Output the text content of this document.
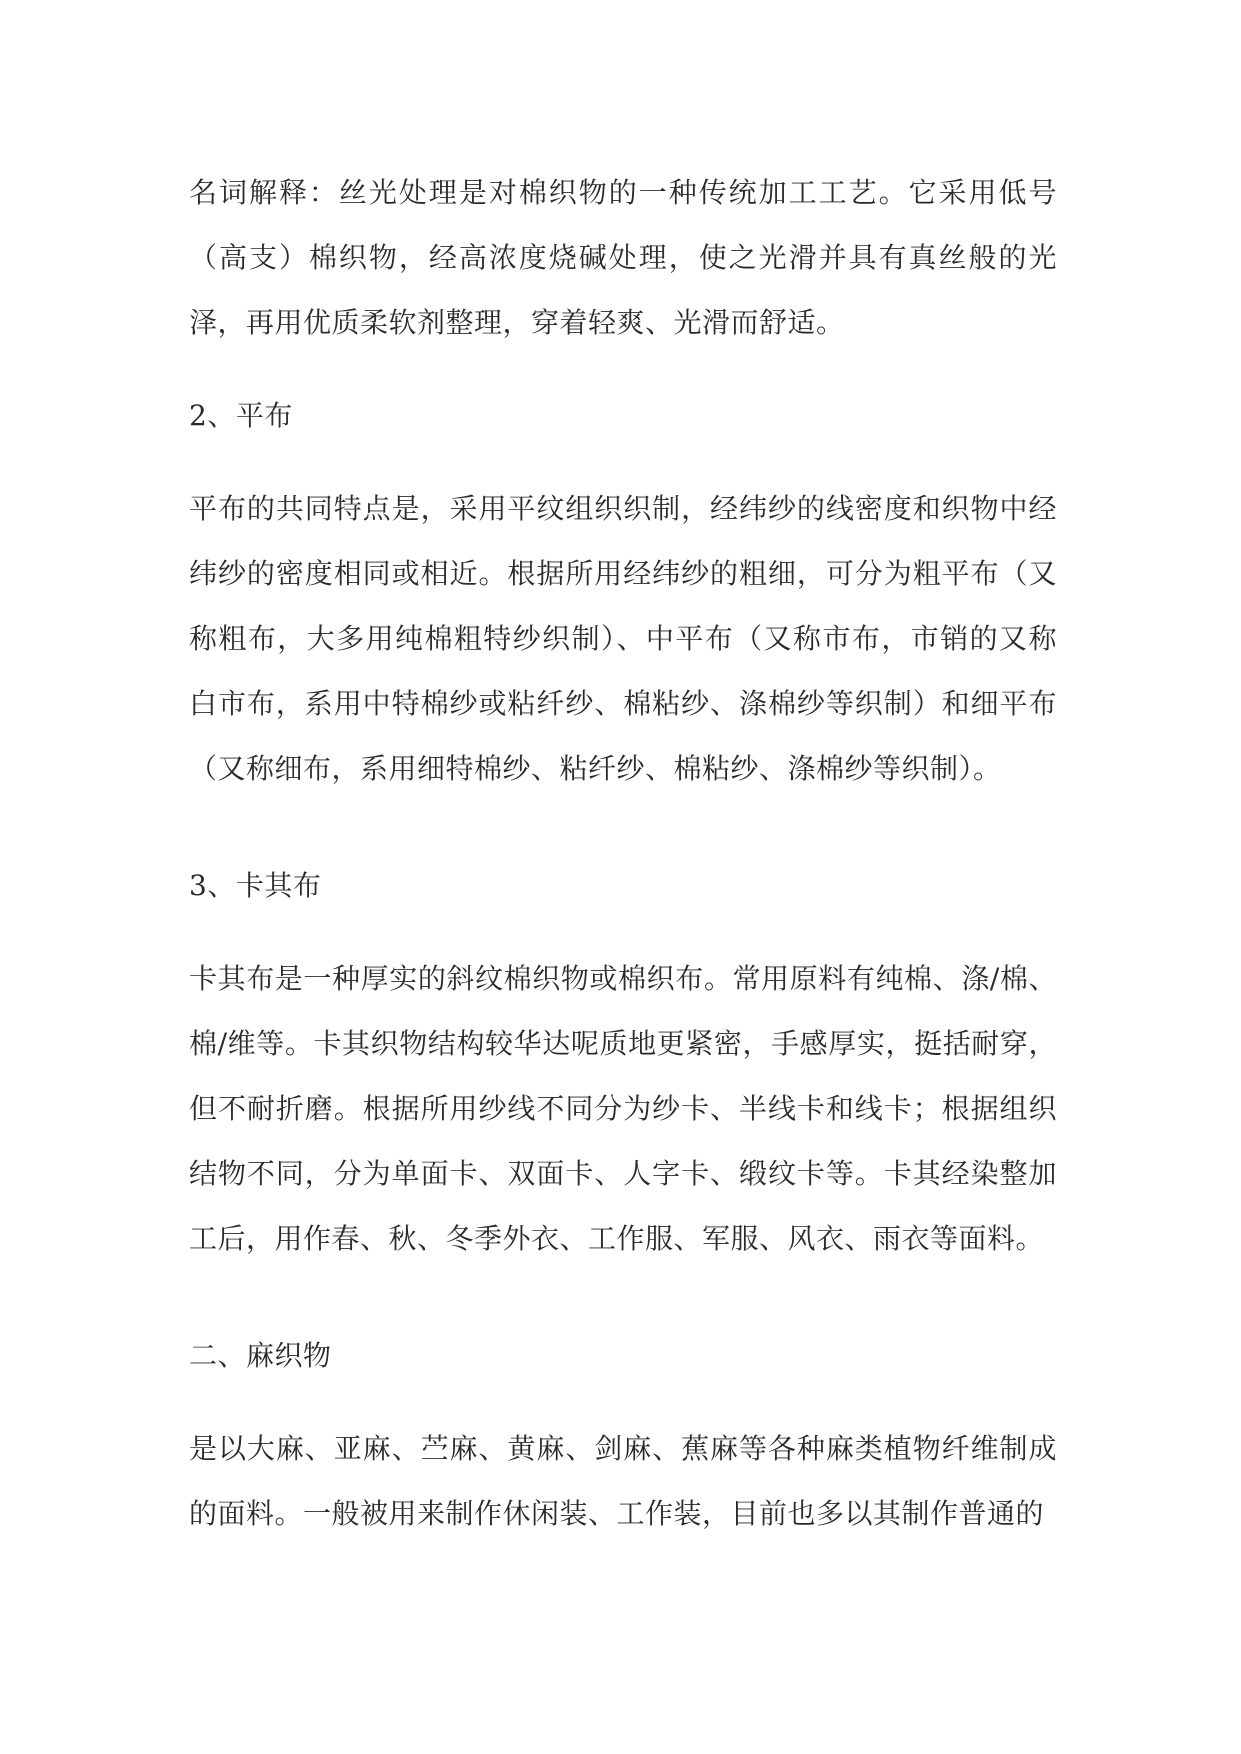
名词解释：丝光处理是对棉织物的一种传统加工工艺。它采用低号（高支）棉织物，经高浓度烧碱处理，使之光滑并具有真丝般的光泽，再用优质柔软剂整理，穿着轻爽、光滑而舒适。

2、平布

平布的共同特点是，采用平纹组织织制，经纬纱的线密度和织物中经纬纱的密度相同或相近。根据所用经纬纱的粗细，可分为粗平布（又称粗布，大多用纯棉粗特纱织制）、中平布（又称市布，市销的又称白市布，系用中特棉纱或粘纤纱、棉粘纱、涤棉纱等织制）和细平布（又称细布，系用细特棉纱、粘纤纱、棉粘纱、涤棉纱等织制）。

3、卡其布

卡其布是一种厚实的斜纹棉织物或棉织布。常用原料有纯棉、涤/棉、棉/维等。卡其织物结构较华达呢质地更紧密，手感厚实，挺括耐穿，但不耐折磨。根据所用纱线不同分为纱卡、半线卡和线卡；根据组织结物不同，分为单面卡、双面卡、人字卡、缎纹卡等。卡其经染整加工后，用作春、秋、冬季外衣、工作服、军服、风衣、雨衣等面料。

二、麻织物

是以大麻、亚麻、苎麻、黄麻、剑麻、蕉麻等各种麻类植物纤维制成的面料。一般被用来制作休闲装、工作装，目前也多以其制作普通的
